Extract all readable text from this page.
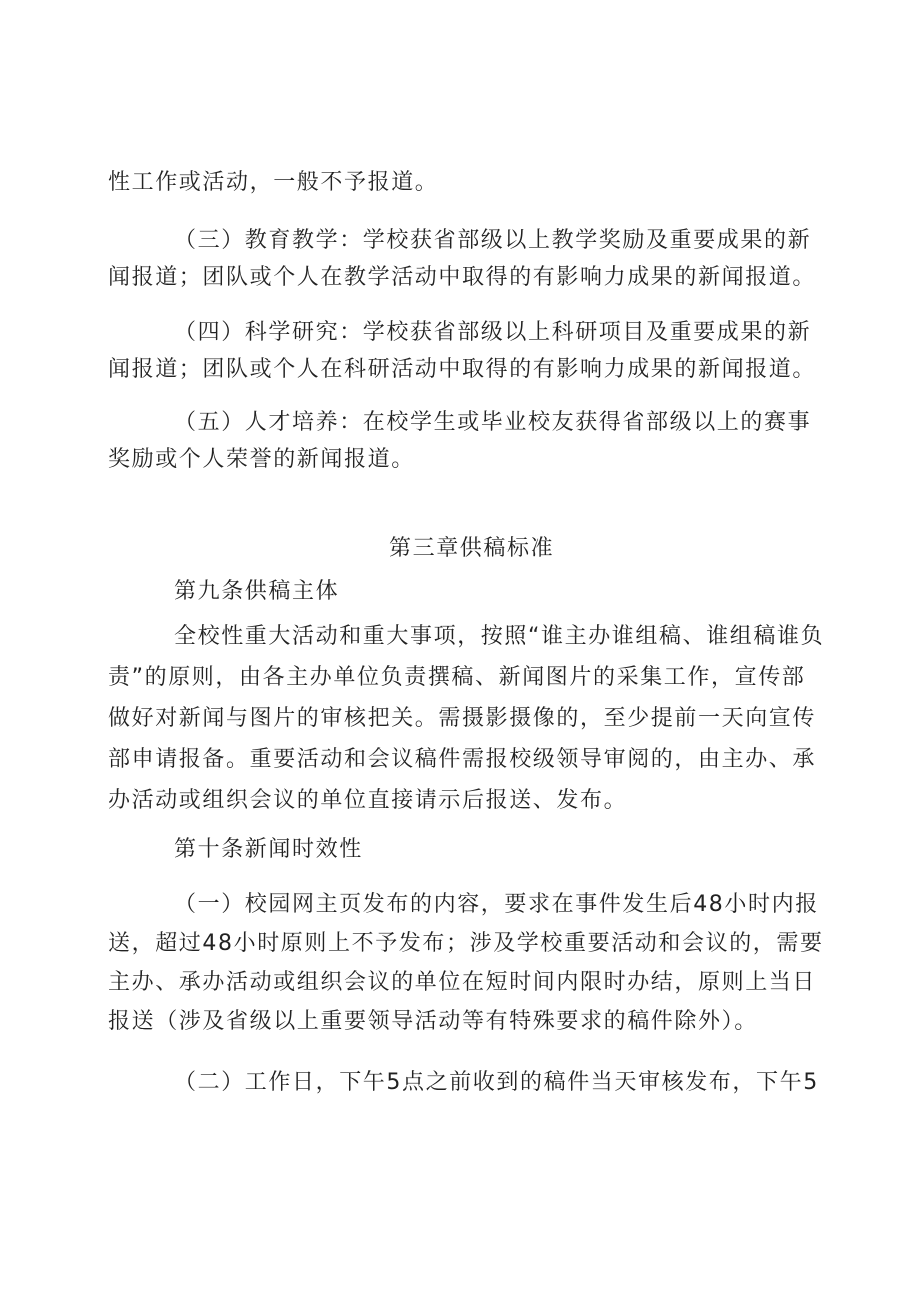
性工作或活动，一般不予报道。
（三）教育教学：学校获省部级以上教学奖励及重要成果的新
闻报道；团队或个人在教学活动中取得的有影响力成果的新闻报道。
（四）科学研究：学校获省部级以上科研项目及重要成果的新
闻报道；团队或个人在科研活动中取得的有影响力成果的新闻报道。
（五）人才培养：在校学生或毕业校友获得省部级以上的赛事
奖励或个人荣誉的新闻报道。
第三章供稿标准
第九条供稿主体
全校性重大活动和重大事项，按照“谁主办谁组稿、谁组稿谁负
责”的原则，由各主办单位负责撰稿、新闻图片的采集工作，宣传部
做好对新闻与图片的审核把关。需摄影摄像的，至少提前一天向宣传
部申请报备。重要活动和会议稿件需报校级领导审阅的，由主办、承
办活动或组织会议的单位直接请示后报送、发布。
第十条新闻时效性
（一）校园网主页发布的内容，要求在事件发生后48小时内报
送，超过48小时原则上不予发布；涉及学校重要活动和会议的，需要
主办、承办活动或组织会议的单位在短时间内限时办结，原则上当日
报送（涉及省级以上重要领导活动等有特殊要求的稿件除外）。
（二）工作日，下午5点之前收到的稿件当天审核发布，下午5
